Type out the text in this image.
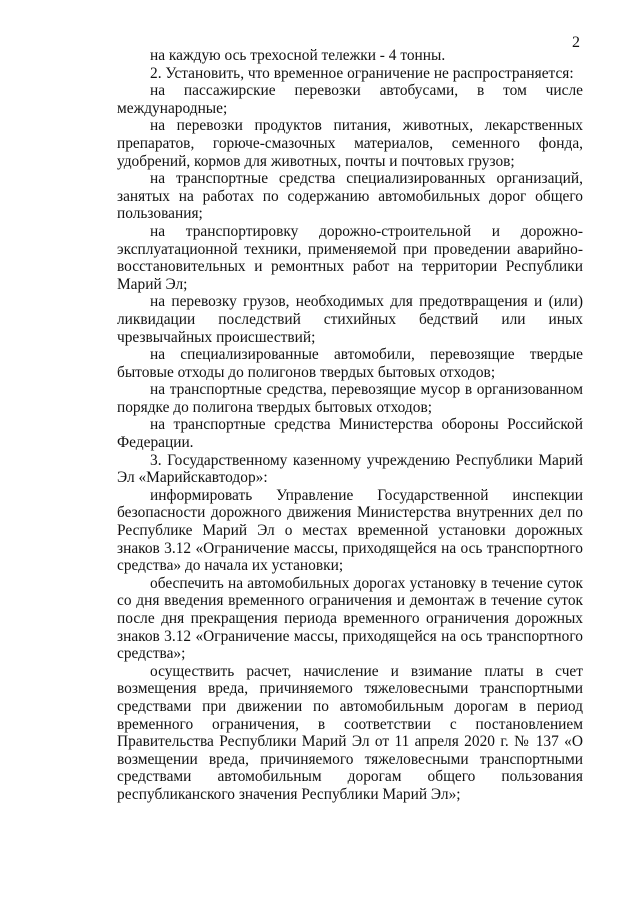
2

на каждую ось трехосной тележки - 4 тонны.

2. Установить, что временное ограничение не распространяется:

на пассажирские перевозки автобусами, в том числе международные;

на перевозки продуктов питания, животных, лекарственных препаратов, горюче-смазочных материалов, семенного фонда, удобрений, кормов для животных, почты и почтовых грузов;

на транспортные средства специализированных организаций, занятых на работах по содержанию автомобильных дорог общего пользования;

на транспортировку дорожно-строительной и дорожно-эксплуатационной техники, применяемой при проведении аварийно-восстановительных и ремонтных работ на территории Республики Марий Эл;

на перевозку грузов, необходимых для предотвращения и (или) ликвидации последствий стихийных бедствий или иных чрезвычайных происшествий;

на специализированные автомобили, перевозящие твердые бытовые отходы до полигонов твердых бытовых отходов;

на транспортные средства, перевозящие мусор в организованном порядке до полигона твердых бытовых отходов;

на транспортные средства Министерства обороны Российской Федерации.

3. Государственному казенному учреждению Республики Марий Эл «Марийскавтодор»:

информировать Управление Государственной инспекции безопасности дорожного движения Министерства внутренних дел по Республике Марий Эл о местах временной установки дорожных знаков 3.12 «Ограничение массы, приходящейся на ось транспортного средства» до начала их установки;

обеспечить на автомобильных дорогах установку в течение суток со дня введения временного ограничения и демонтаж в течение суток после дня прекращения периода временного ограничения дорожных знаков 3.12 «Ограничение массы, приходящейся на ось транспортного средства»;

осуществить расчет, начисление и взимание платы в счет возмещения вреда, причиняемого тяжеловесными транспортными средствами при движении по автомобильным дорогам в период временного ограничения, в соответствии с постановлением Правительства Республики Марий Эл от 11 апреля 2020 г. № 137 «О возмещении вреда, причиняемого тяжеловесными транспортными средствами автомобильным дорогам общего пользования республиканского значения Республики Марий Эл»;
